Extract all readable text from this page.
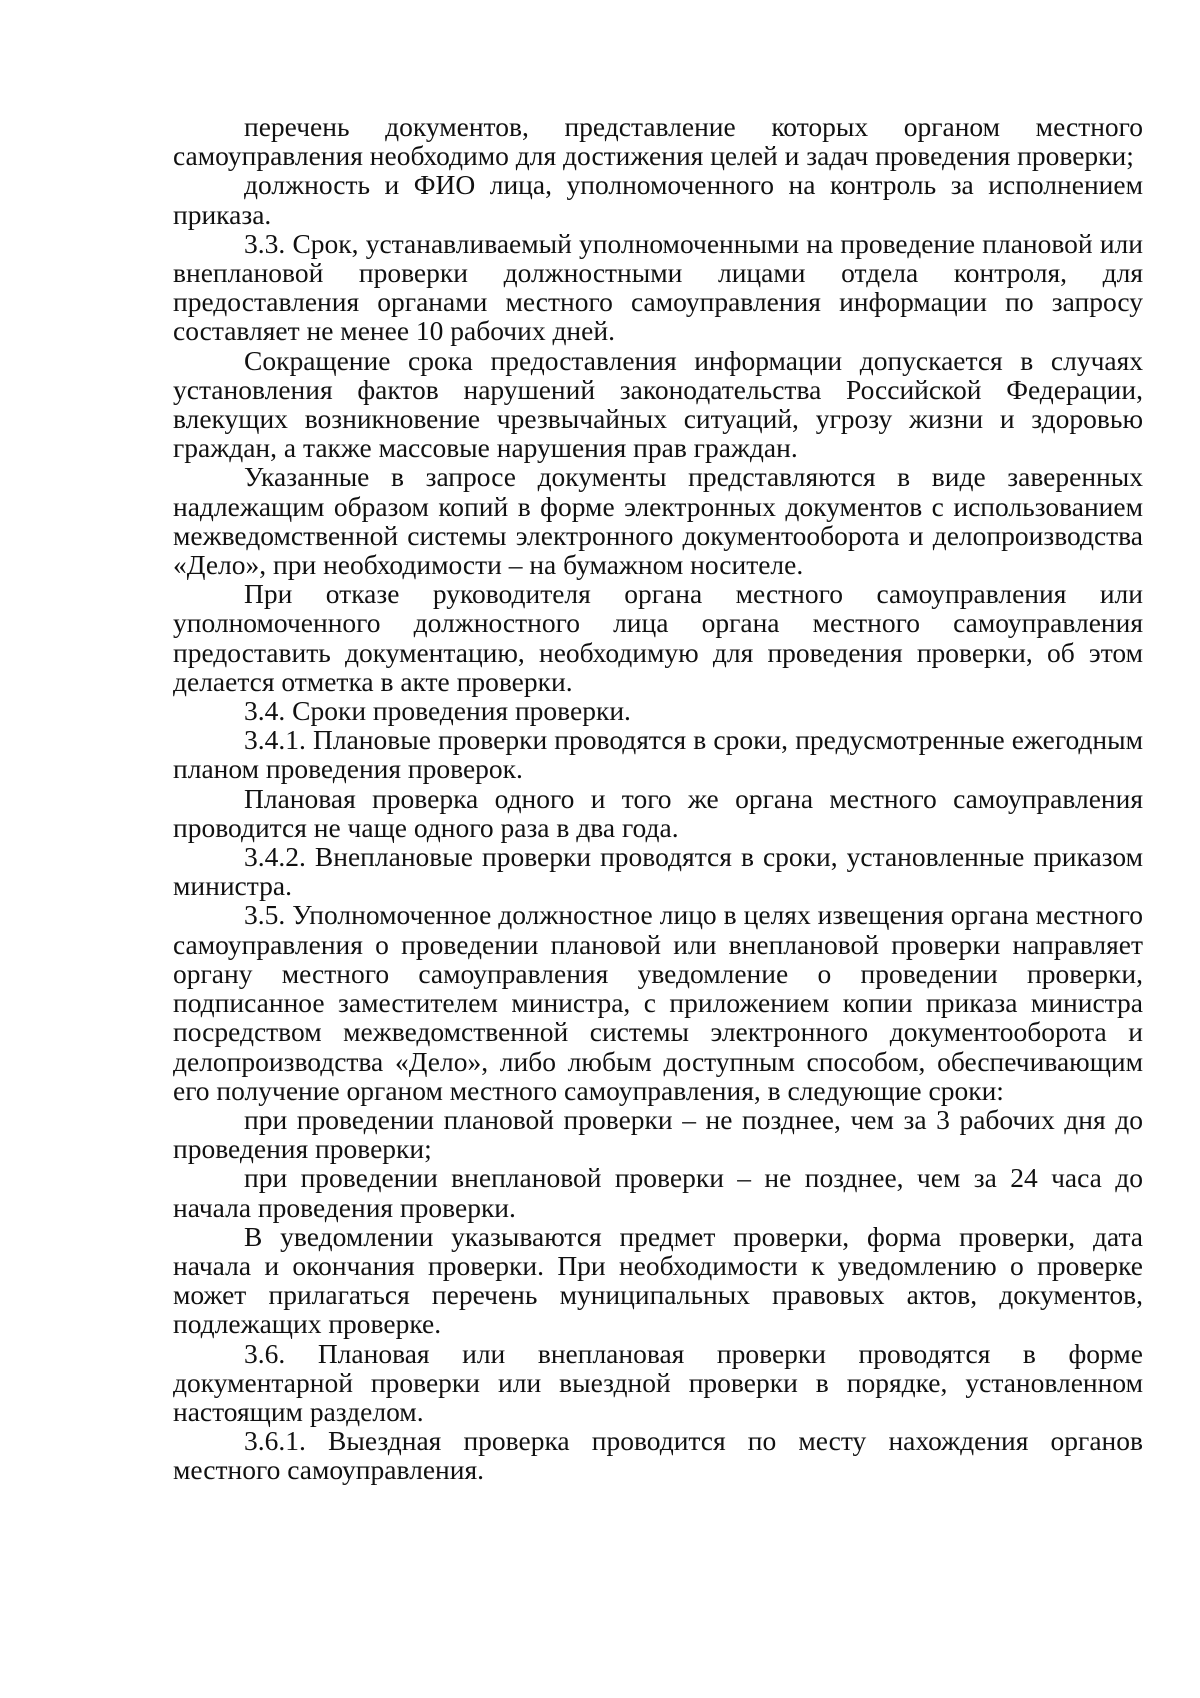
перечень документов, представление которых органом местного самоуправления необходимо для достижения целей и задач проведения проверки;

должность и ФИО лица, уполномоченного на контроль за исполнением приказа.

3.3. Срок, устанавливаемый уполномоченными на проведение плановой или внеплановой проверки должностными лицами отдела контроля, для предоставления органами местного самоуправления информации по запросу составляет не менее 10 рабочих дней.

Сокращение срока предоставления информации допускается в случаях установления фактов нарушений законодательства Российской Федерации, влекущих возникновение чрезвычайных ситуаций, угрозу жизни и здоровью граждан, а также массовые нарушения прав граждан.

Указанные в запросе документы представляются в виде заверенных надлежащим образом копий в форме электронных документов с использованием межведомственной системы электронного документооборота и делопроизводства «Дело», при необходимости – на бумажном носителе.

При отказе руководителя органа местного самоуправления или уполномоченного должностного лица органа местного самоуправления предоставить документацию, необходимую для проведения проверки, об этом делается отметка в акте проверки.

3.4. Сроки проведения проверки.

3.4.1. Плановые проверки проводятся в сроки, предусмотренные ежегодным планом проведения проверок.

Плановая проверка одного и того же органа местного самоуправления проводится не чаще одного раза в два года.

3.4.2. Внеплановые проверки проводятся в сроки, установленные приказом министра.

3.5. Уполномоченное должностное лицо в целях извещения органа местного самоуправления о проведении плановой или внеплановой проверки направляет органу местного самоуправления уведомление о проведении проверки, подписанное заместителем министра, с приложением копии приказа министра посредством межведомственной системы электронного документооборота и делопроизводства «Дело», либо любым доступным способом, обеспечивающим его получение органом местного самоуправления, в следующие сроки:

при проведении плановой проверки – не позднее, чем за 3 рабочих дня до проведения проверки;

при проведении внеплановой проверки – не позднее, чем за 24 часа до начала проведения проверки.

В уведомлении указываются предмет проверки, форма проверки, дата начала и окончания проверки. При необходимости к уведомлению о проверке может прилагаться перечень муниципальных правовых актов, документов, подлежащих проверке.

3.6. Плановая или внеплановая проверки проводятся в форме документарной проверки или выездной проверки в порядке, установленном настоящим разделом.

3.6.1. Выездная проверка проводится по месту нахождения органов местного самоуправления.
